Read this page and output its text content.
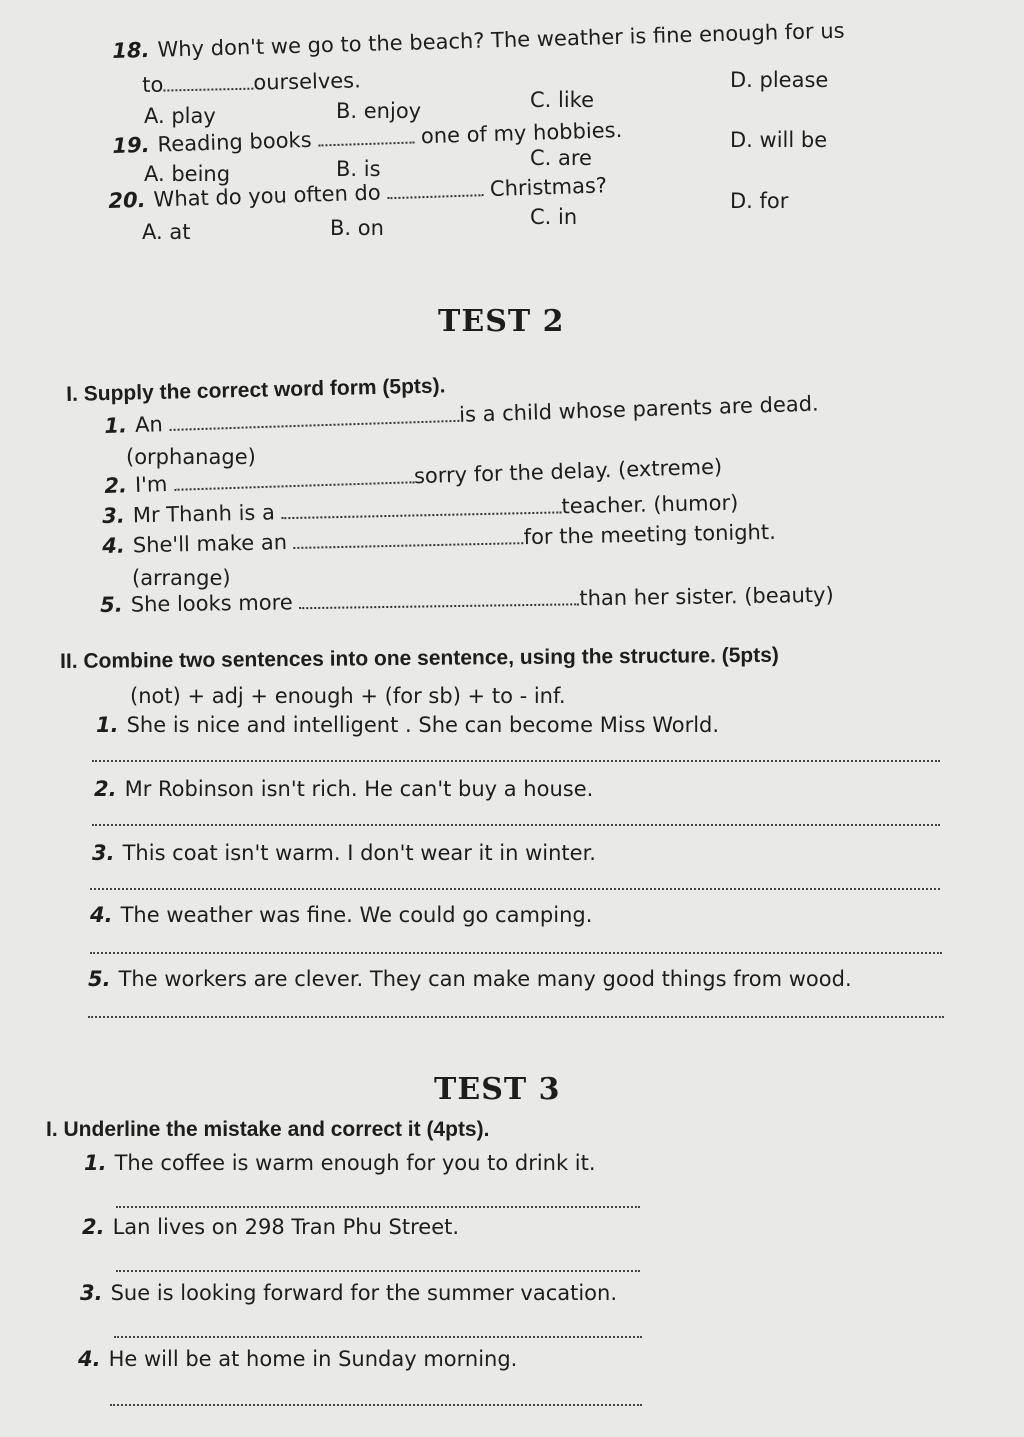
18. Why don't we go to the beach? The weather is fine enough for us
to	ourselves.
A. play	B. enjoy	C. like
D. please
19. Reading books	one of my hobbies.
A. being	B. is	C. are
D. will be
20. What do you often do	Christmas?
A. at	B. on	C. in
D. for
TEST 2
I. Supply the correct word form (5pts).
1. An	is a child whose parents are dead.
(orphanage)
2. I'm	sorry for the delay. (extreme)
3. Mr Thanh is a	teacher. (humor)
4. She'll make an	for the meeting tonight.
(arrange)
5. She looks more	than her sister. (beauty)
II. Combine two sentences into one sentence, using the structure. (5pts)
(not) + adj + enough + (for sb) + to - inf.
1. She is nice and intelligent . She can become Miss World.
2. Mr Robinson isn't rich. He can't buy a house.
3. This coat isn't warm. I don't wear it in winter.
4. The weather was fine. We could go camping.
5. The workers are clever. They can make many good things from wood.
TEST 3
I. Underline the mistake and correct it (4pts).
1. The coffee is warm enough for you to drink it.
2. Lan lives on 298 Tran Phu Street.
3. Sue is looking forward for the summer vacation.
4. He will be at home in Sunday morning.
